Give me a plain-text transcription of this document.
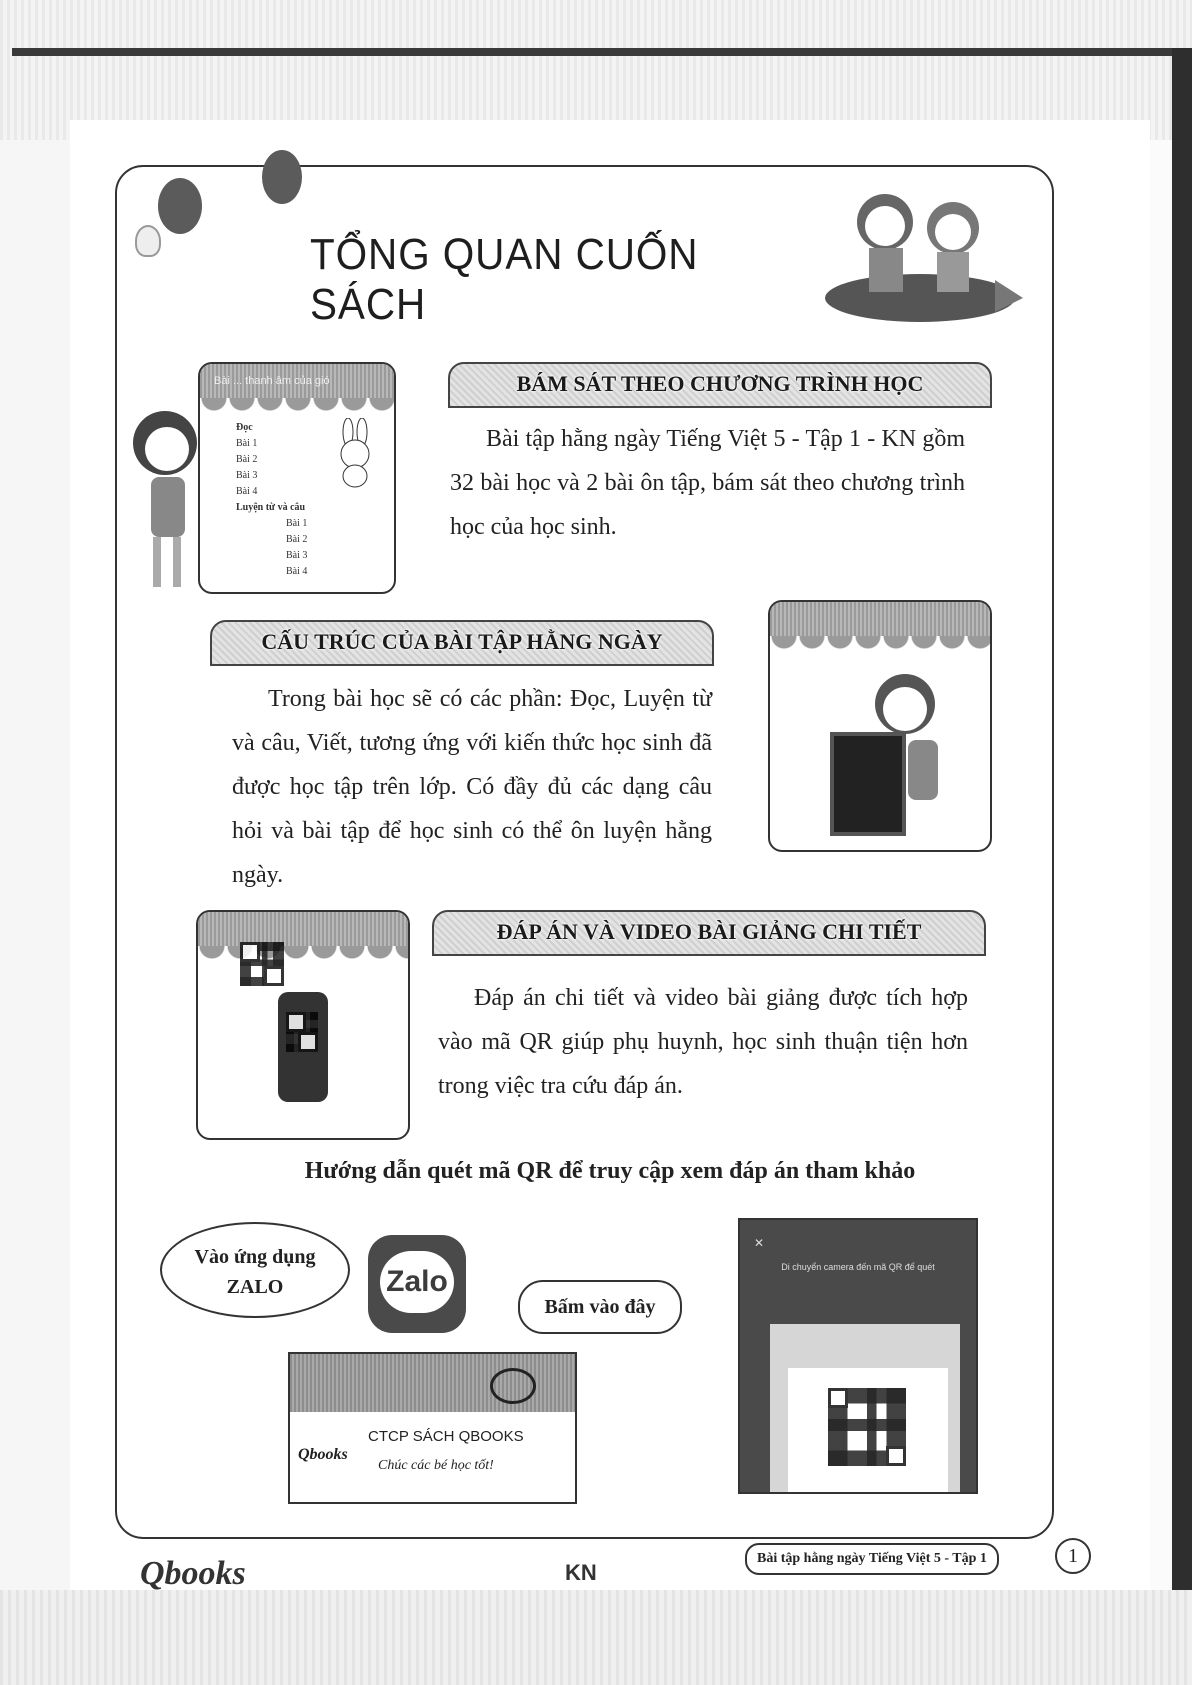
TỔNG QUAN CUỐN SÁCH
Bài ... thanh âm của gió
Đọc
Bài 1
Bài 2
Bài 3
Bài 4
Luyện từ và câu
Bài 1
Bài 2
Bài 3
Bài 4
BÁM SÁT THEO CHƯƠNG TRÌNH HỌC
Bài tập hằng ngày Tiếng Việt 5 - Tập 1 - KN gồm 32 bài học và 2 bài ôn tập, bám sát theo chương trình học của học sinh.
CẤU TRÚC CỦA BÀI TẬP HẰNG NGÀY
Trong bài học sẽ có các phần: Đọc, Luyện từ và câu, Viết, tương ứng với kiến thức học sinh đã được học tập trên lớp. Có đầy đủ các dạng câu hỏi và bài tập để học sinh có thể ôn luyện hằng ngày.
ĐÁP ÁN VÀ VIDEO BÀI GIẢNG CHI TIẾT
Đáp án chi tiết và video bài giảng được tích hợp vào mã QR giúp phụ huynh, học sinh thuận tiện hơn trong việc tra cứu đáp án.
Hướng dẫn quét mã QR để truy cập xem đáp án tham khảo
Vào ứng dụng ZALO	Zalo
Bấm vào đây
Qbooks
CTCP SÁCH QBOOKS
Chúc các bé học tốt!
✕
Di chuyển camera đến mã QR để quét
Qbooks	KN
Bài tập hằng ngày Tiếng Việt 5 - Tập 1	1
